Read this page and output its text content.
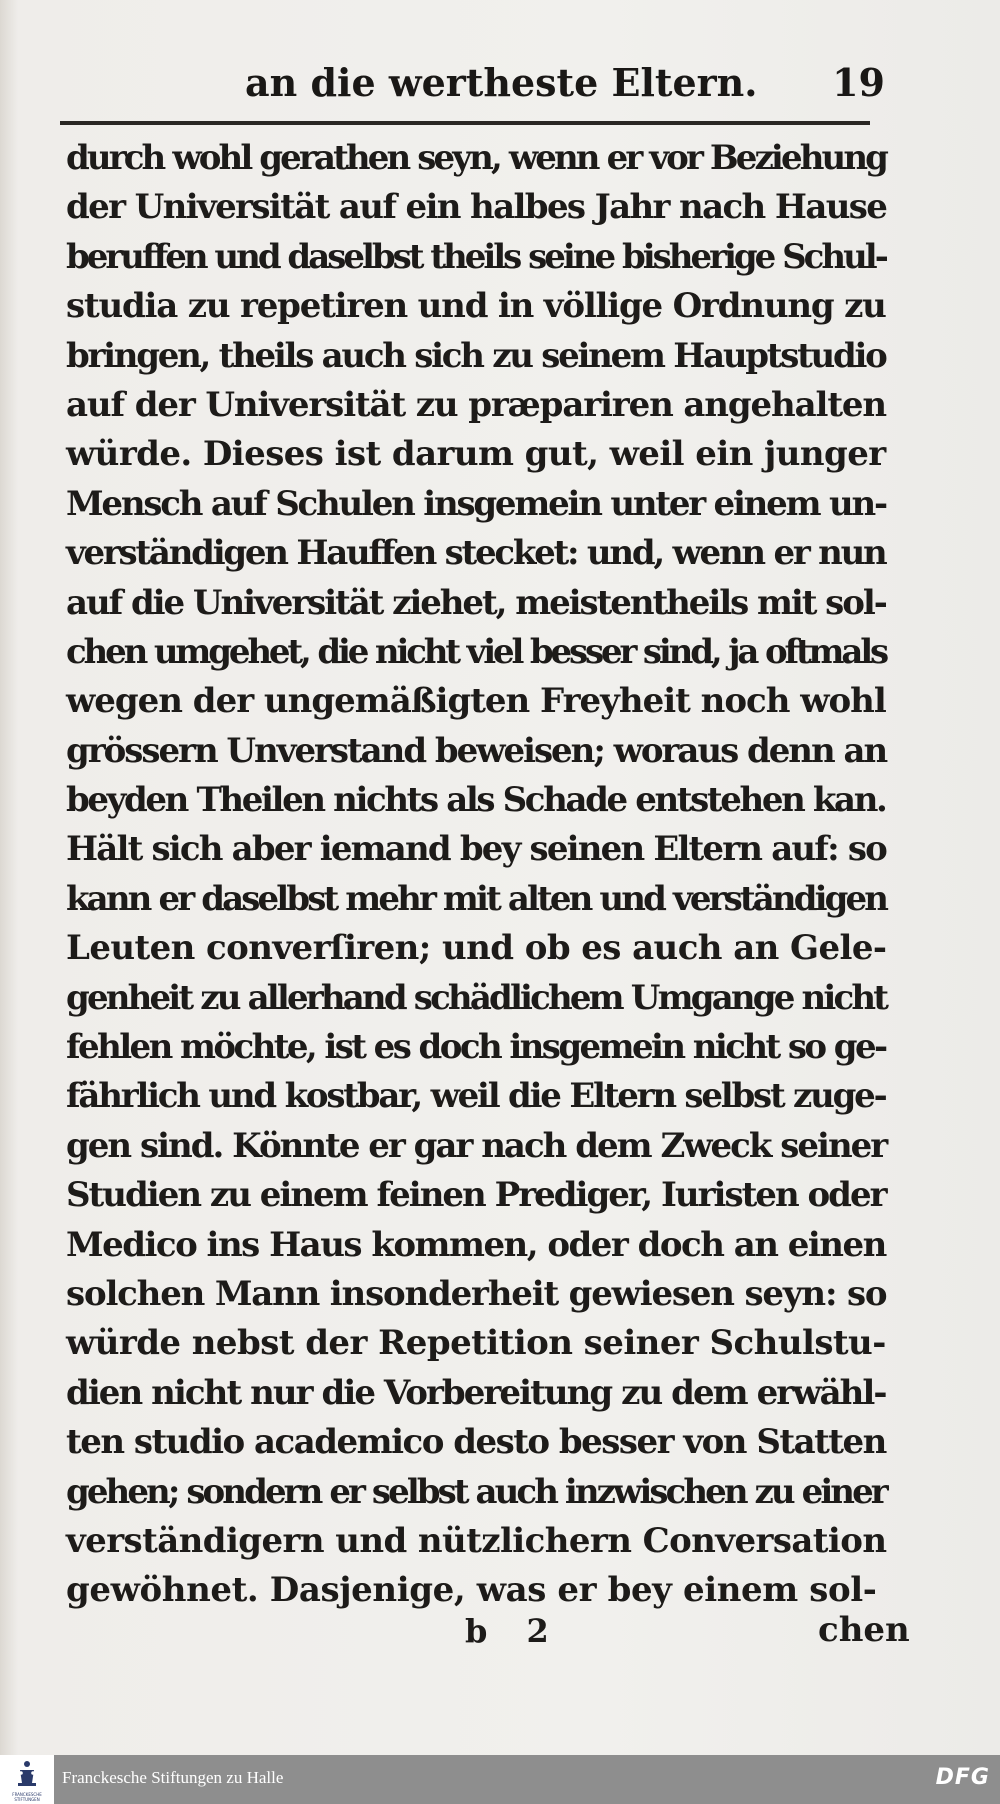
an die wertheste Eltern. 19
durch wohl gerathen seyn, wenn er vor Beziehung
der Universität auf ein halbes Jahr nach Hause
beruffen und daselbst theils seine bisherige Schul-
studia zu repetiren und in völlige Ordnung zu
bringen, theils auch sich zu seinem Hauptstudio
auf der Universität zu præpariren angehalten
würde. Dieses ist darum gut, weil ein junger
Mensch auf Schulen insgemein unter einem un-
verständigen Hauffen stecket: und, wenn er nun
auf die Universität ziehet, meistentheils mit sol-
chen umgehet, die nicht viel besser sind, ja oftmals
wegen der ungemäßigten Freyheit noch wohl
grössern Unverstand beweisen; woraus denn an
beyden Theilen nichts als Schade entstehen kan.
Hält sich aber iemand bey seinen Eltern auf: so
kann er daselbst mehr mit alten und verständigen
Leuten converſiren; und ob es auch an Gele-
genheit zu allerhand schädlichem Umgange nicht
fehlen möchte, ist es doch insgemein nicht so ge-
fährlich und kostbar, weil die Eltern selbst zuge-
gen sind. Könnte er gar nach dem Zweck seiner
Studien zu einem feinen Prediger, Iuristen oder
Medico ins Haus kommen, oder doch an einen
solchen Mann insonderheit gewiesen seyn: so
würde nebst der Repetition seiner Schulstu-
dien nicht nur die Vorbereitung zu dem erwähl-
ten studio academico desto besser von Statten
gehen; sondern er selbst auch inzwischen zu einer
verständigern und nützlichern Conversation
gewöhnet. Dasjenige, was er bey einem sol-
b 2	chen
FRANCKESCHE
STIFTUNGEN
Franckesche Stiftungen zu Halle	DFG
